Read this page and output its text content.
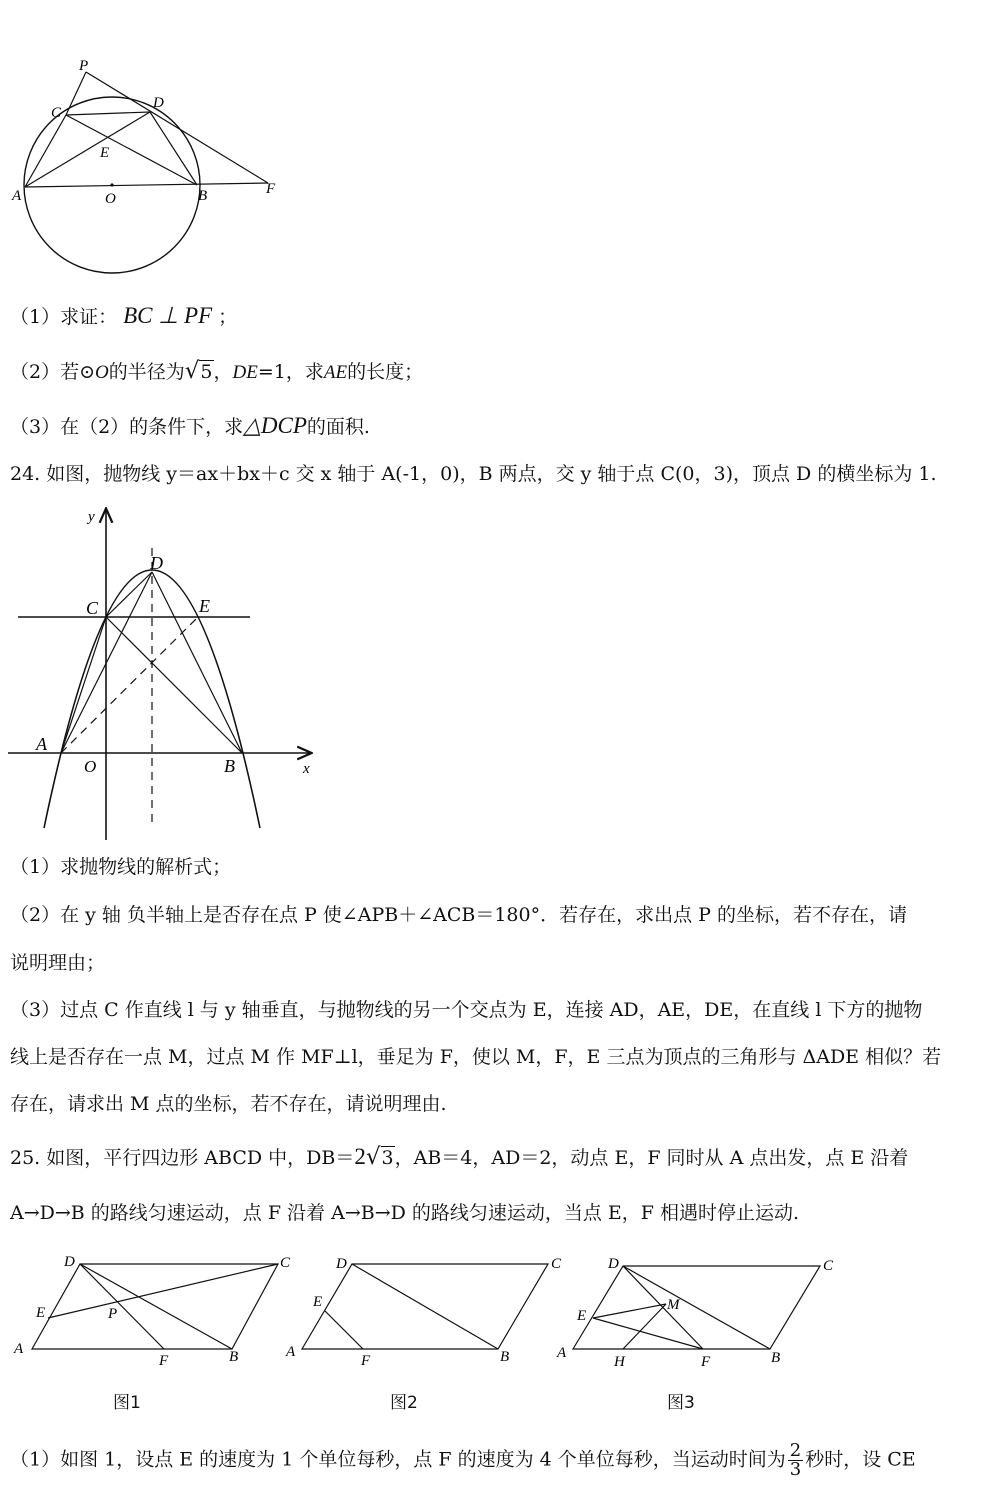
P
C
D
E
A	O	B	F
（1）求证： BC ⊥ PF ；
（2）若⊙O的半径为√5，DE=1，求AE的长度；
（3）在（2）的条件下，求△DCP的面积.
24. 如图，抛物线 y＝ax＋bx＋c 交 x 轴于 A(-1，0)，B 两点，交 y 轴于点 C(0，3)，顶点 D 的横坐标为 1.
y
x
D
C	E
A
O	B
（1）求抛物线的解析式；
（2）在 y 轴 负半轴上是否存在点 P 使∠APB＋∠ACB＝180°．若存在，求出点 P 的坐标，若不存在，请
说明理由；
（3）过点 C 作直线 l 与 y 轴垂直，与抛物线的另一个交点为 E，连接 AD，AE，DE，在直线 l 下方的抛物
线上是否存在一点 M，过点 M 作 MF⊥l，垂足为 F，使以 M，F，E 三点为顶点的三角形与 ΔADE 相似？若
存在，请求出 M 点的坐标，若不存在，请说明理由.
25. 如图，平行四边形 ABCD 中，DB＝2√3，AB＝4，AD＝2，动点 E，F 同时从 A 点出发，点 E 沿着
A→D→B 的路线匀速运动，点 F 沿着 A→B→D 的路线匀速运动，当点 E，F 相遇时停止运动.
D	C
E	P
A
F	B
图1
D	C
E
A
F	B
图2
D	C
M
E
A
H	F	B
图3
（1）如图 1，设点 E 的速度为 1 个单位每秒，点 F 的速度为 4 个单位每秒，当运动时间为 $\frac{2}{3}$ 秒时，设 CE
